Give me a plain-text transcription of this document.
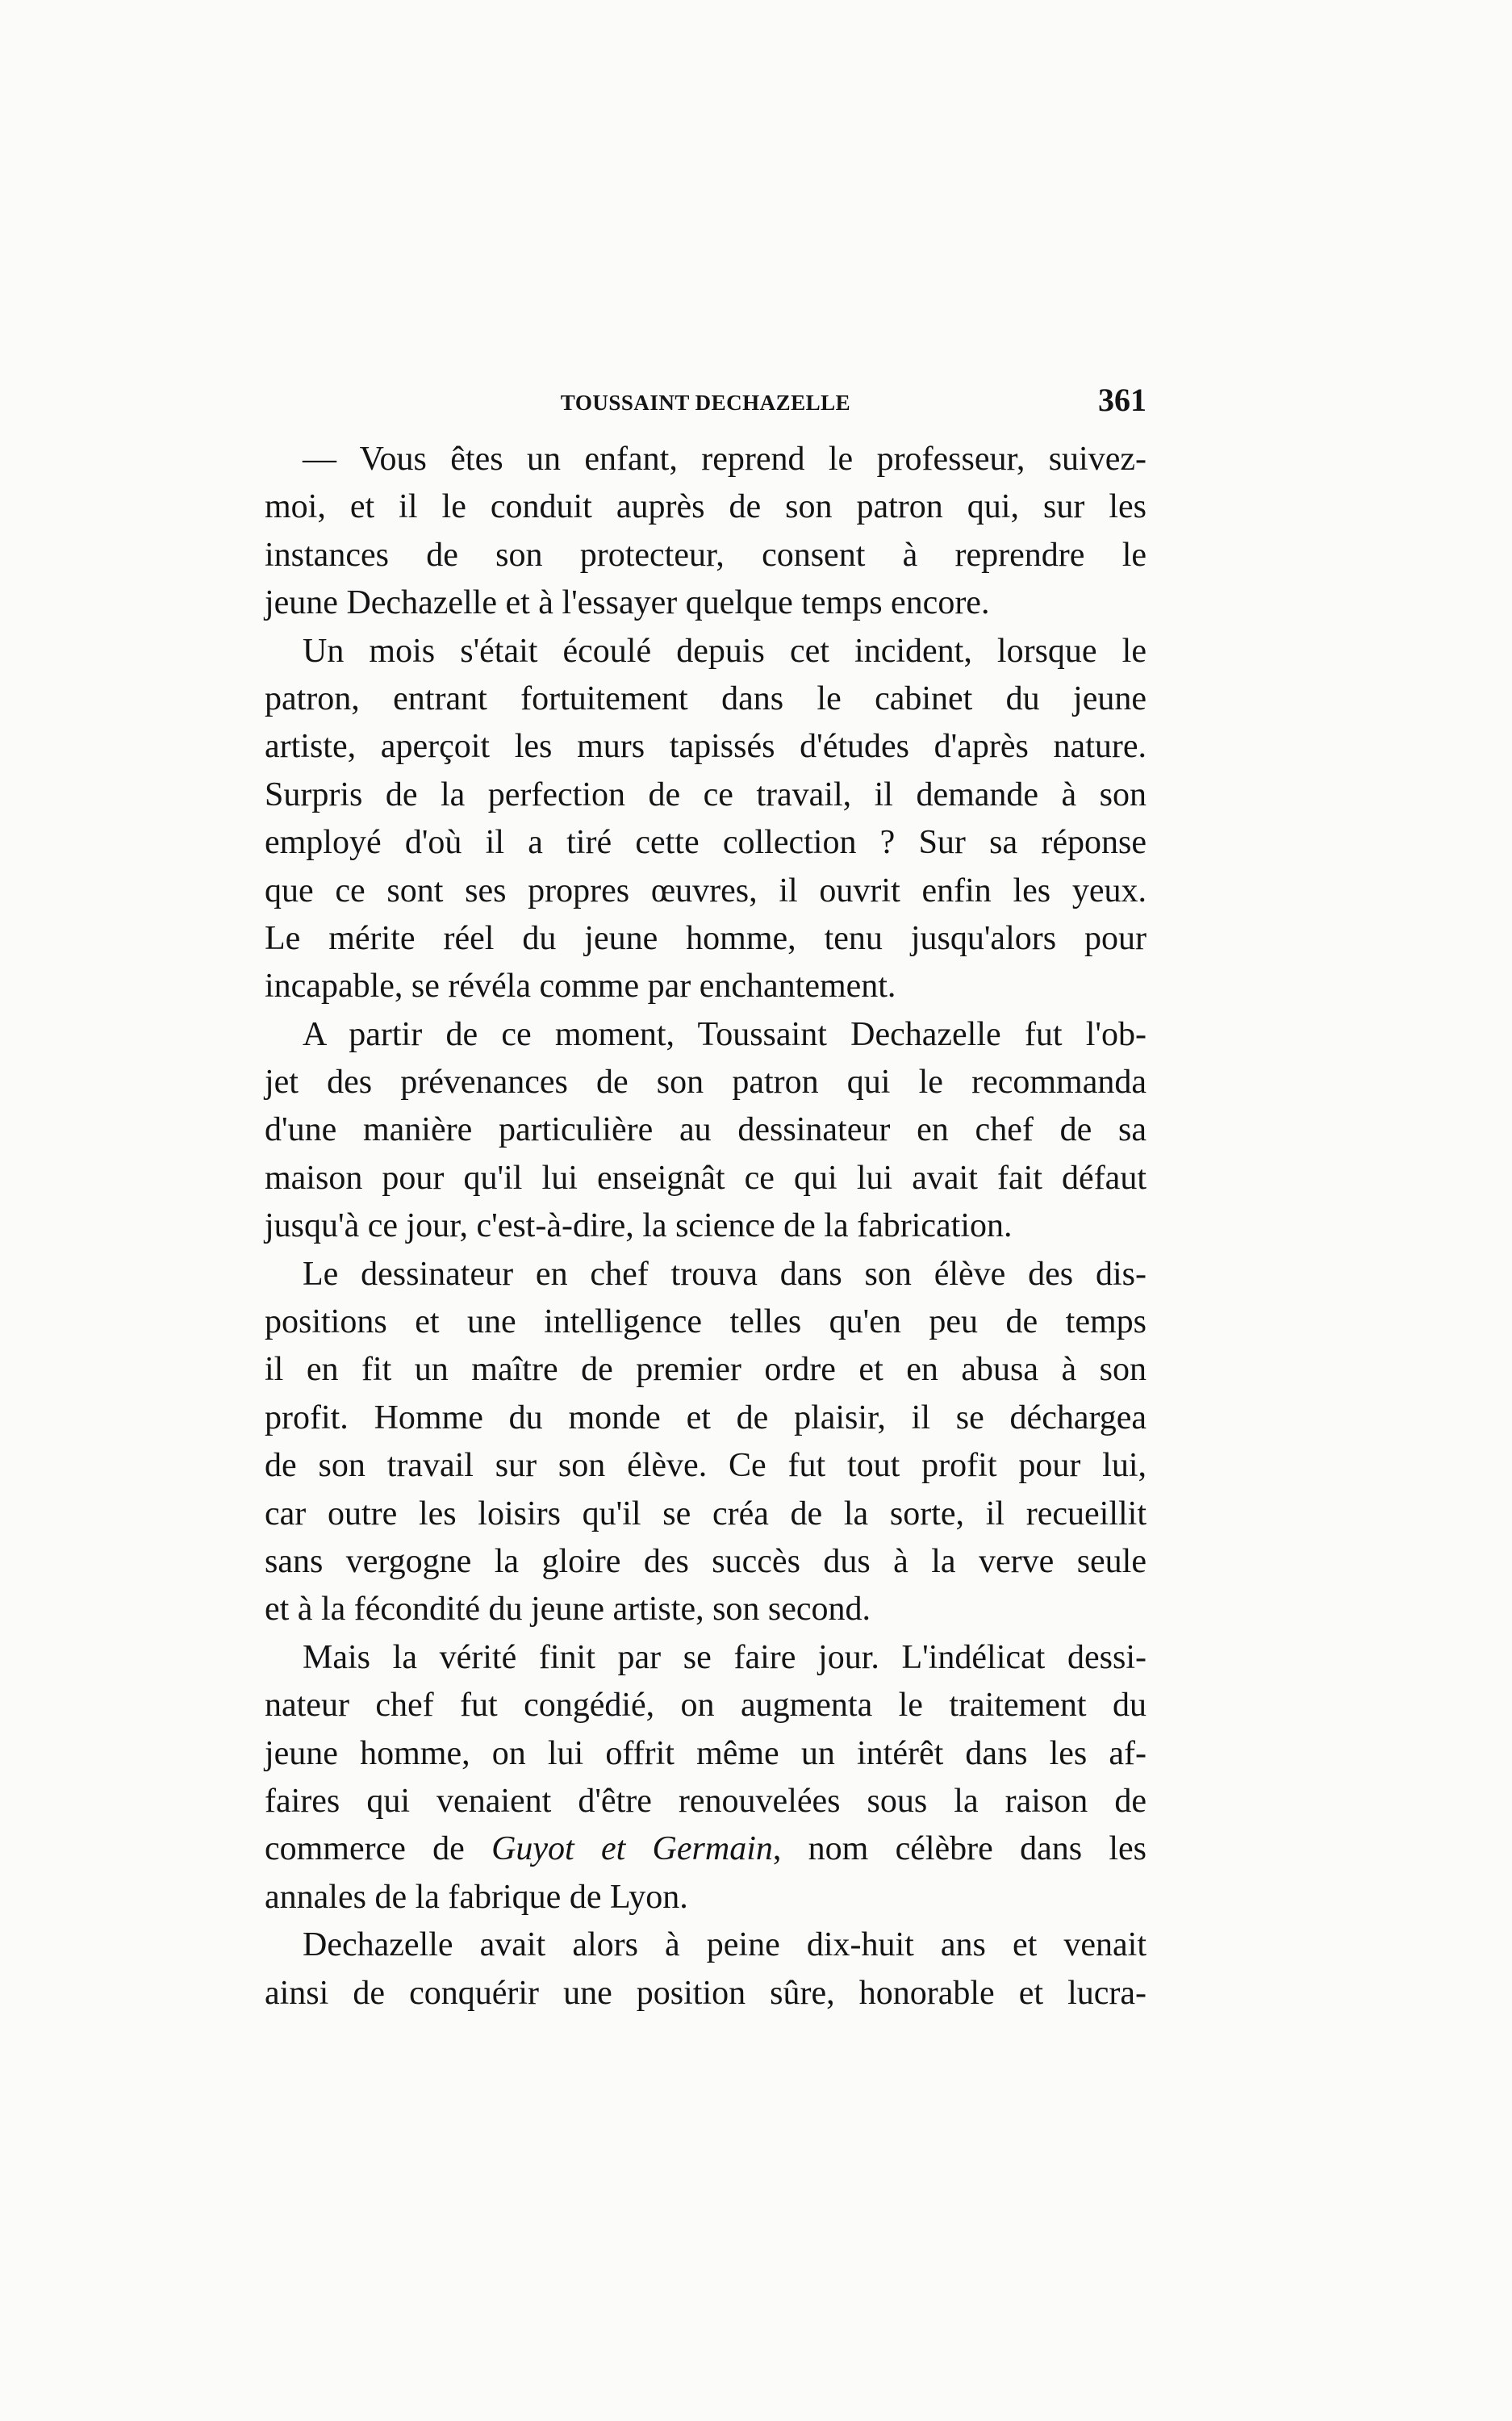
TOUSSAINT DECHAZELLE	361
— Vous êtes un enfant, reprend le professeur, suivez-
moi, et il le conduit auprès de son patron qui, sur les
instances de son protecteur, consent à reprendre le
jeune Dechazelle et à l'essayer quelque temps encore.
Un mois s'était écoulé depuis cet incident, lorsque le
patron, entrant fortuitement dans le cabinet du jeune
artiste, aperçoit les murs tapissés d'études d'après nature.
Surpris de la perfection de ce travail, il demande à son
employé d'où il a tiré cette collection ? Sur sa réponse
que ce sont ses propres œuvres, il ouvrit enfin les yeux.
Le mérite réel du jeune homme, tenu jusqu'alors pour
incapable, se révéla comme par enchantement.
A partir de ce moment, Toussaint Dechazelle fut l'ob-
jet des prévenances de son patron qui le recommanda
d'une manière particulière au dessinateur en chef de sa
maison pour qu'il lui enseignât ce qui lui avait fait défaut
jusqu'à ce jour, c'est-à-dire, la science de la fabrication.
Le dessinateur en chef trouva dans son élève des dis-
positions et une intelligence telles qu'en peu de temps
il en fit un maître de premier ordre et en abusa à son
profit. Homme du monde et de plaisir, il se déchargea
de son travail sur son élève. Ce fut tout profit pour lui,
car outre les loisirs qu'il se créa de la sorte, il recueillit
sans vergogne la gloire des succès dus à la verve seule
et à la fécondité du jeune artiste, son second.
Mais la vérité finit par se faire jour. L'indélicat dessi-
nateur chef fut congédié, on augmenta le traitement du
jeune homme, on lui offrit même un intérêt dans les af-
faires qui venaient d'être renouvelées sous la raison de
commerce de Guyot et Germain, nom célèbre dans les
annales de la fabrique de Lyon.
Dechazelle avait alors à peine dix-huit ans et venait
ainsi de conquérir une position sûre, honorable et lucra-
